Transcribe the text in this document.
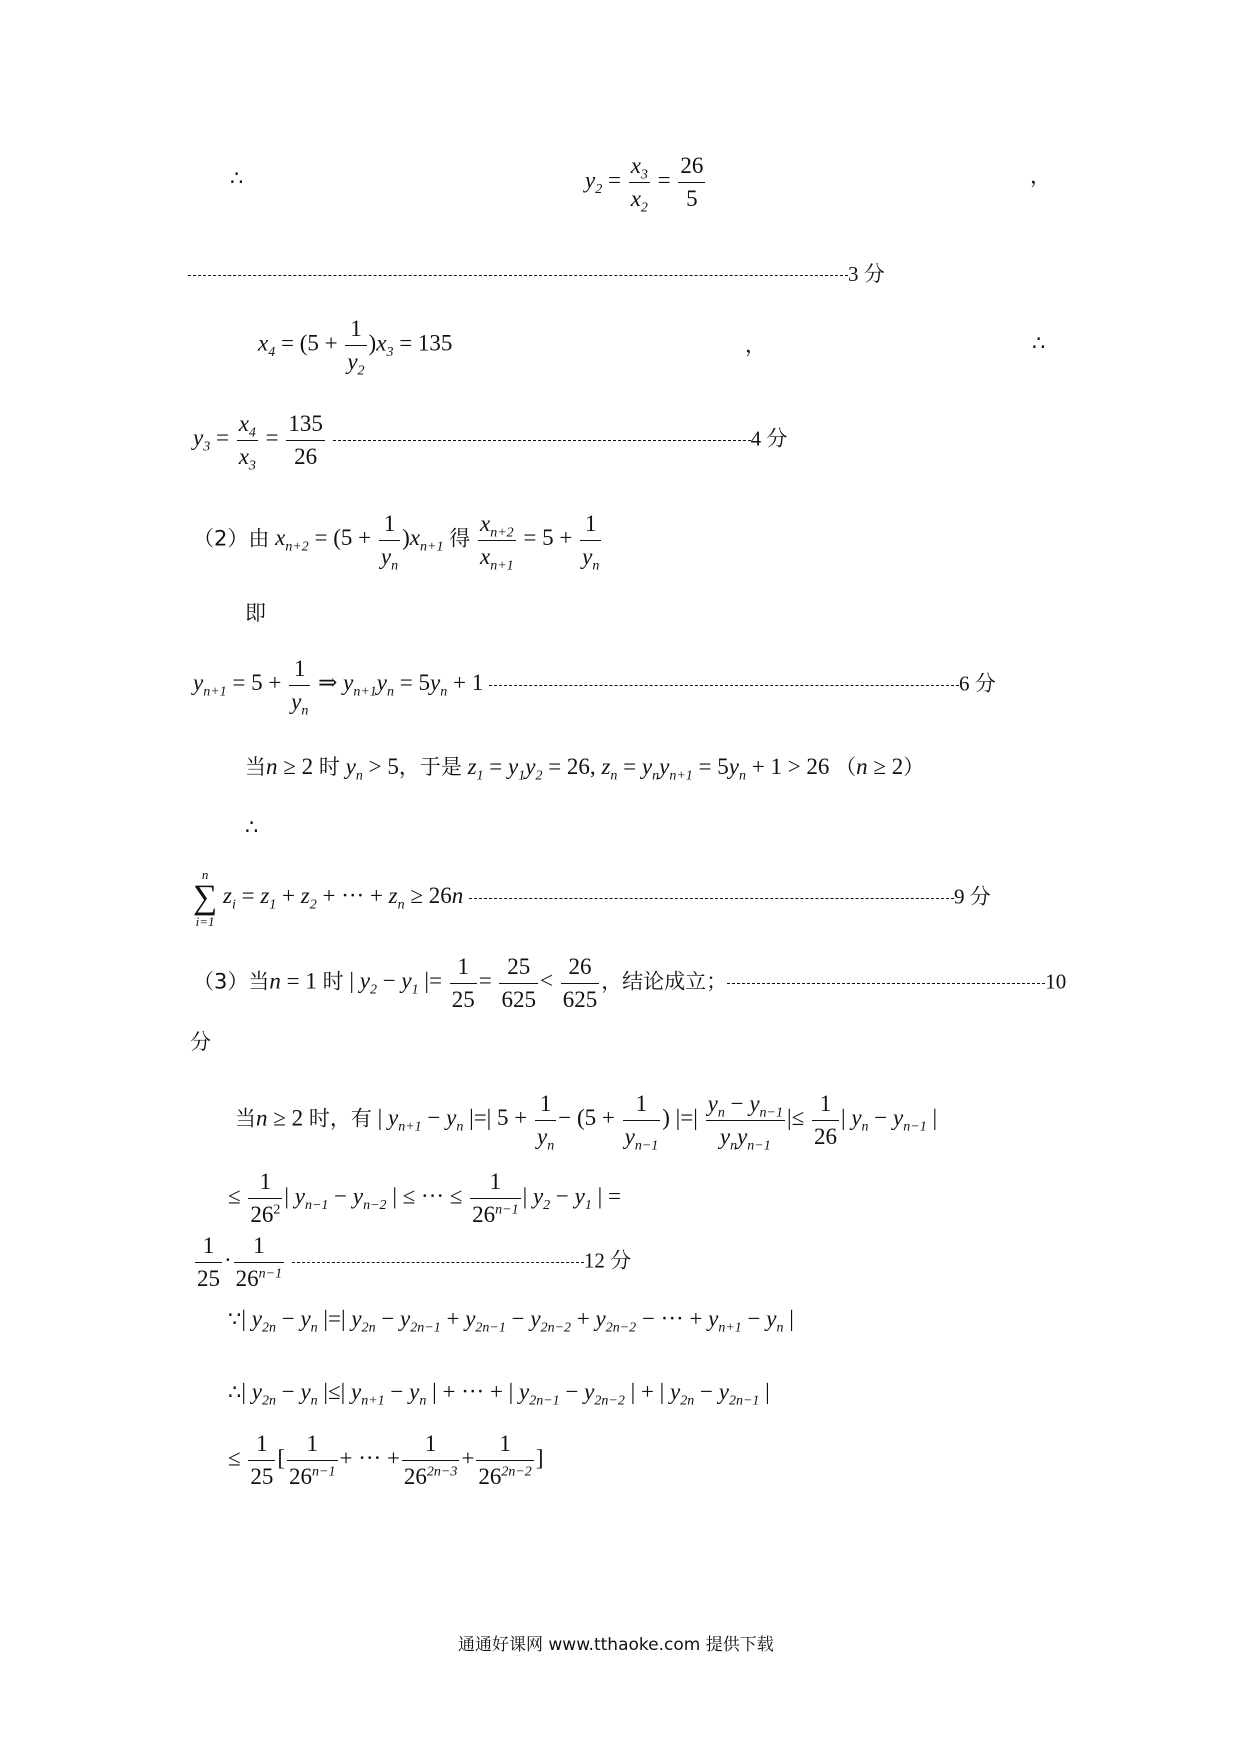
∴	$y_2 = \frac{x_3}{x_2} = \frac{26}{5}$	，
3 分
$x_4 = (5 + \frac{1}{y_2} )x_3 = 135$	，	∴
$y_3 = \frac{x_4}{x_3} = \frac{135}{26}$	4 分
（2）由 $x_{n+2} = (5 + \frac{1}{y_n} )x_{n+1}$ 得 $\frac{x_{n+2}}{x_{n+1}} = 5 + \frac{1}{y_n}$
即
$y_{n+1} = 5 + \frac{1}{y_n}$ ⇒ $y_{n+1}y_n = 5y_n + 1$	6 分
当n ≥ 2 时 $y_n > 5$，于是 $z_1 = y_1y_2 = 26$, $z_n = y_ny_{n+1} = 5y_n + 1 > 26$ （n ≥ 2）
∴
n
∑
i=1
$z_i = z_1 + z_2$ + ··· + $z_n \ge 26n$	9 分
（3）当n = 1 时 | $y_2 - y_1$ |= $\frac{1}{25} = \frac{25}{625} < \frac{26}{625}$ ，结论成立；	10
分
当n ≥ 2 时，有 | $y_{n+1} - y_n$ |=| $5 + \frac{1}{y_n} - (5 + \frac{1}{y_{n-1}}$ ) |=| $\frac{y_n - y_{n-1}}{y_ny_{n-1}}$ |≤ $\frac{1}{26}$ | $y_n - y_{n-1}$ |
≤ $\frac{1}{26^2}$ | $y_{n-1} - y_{n-2}$ | ≤ ··· ≤ $\frac{1}{26^{n-1}}$ | $y_2 - y_1$ | =
$\frac{1}{25} \cdot \frac{1}{26^{n-1}}$	12 分
∵| $y_{2n} - y_n$ |=| $y_{2n} - y_{2n-1} + y_{2n-1} - y_{2n-2} + y_{2n-2}$ − ··· + $y_{n+1} - y_n$ |
∴| $y_{2n} - y_n$ |≤| $y_{n+1} - y_n$ | + ··· + | $y_{2n-1} - y_{2n-2}$ | + | $y_{2n} - y_{2n-1}$ |
≤ $\frac{1}{25}$ [ $\frac{1}{26^{n-1}}$ + ··· + $\frac{1}{26^{2n-3}} + \frac{1}{26^{2n-2}}$ ]
通通好课网 www.tthaoke.com 提供下载
